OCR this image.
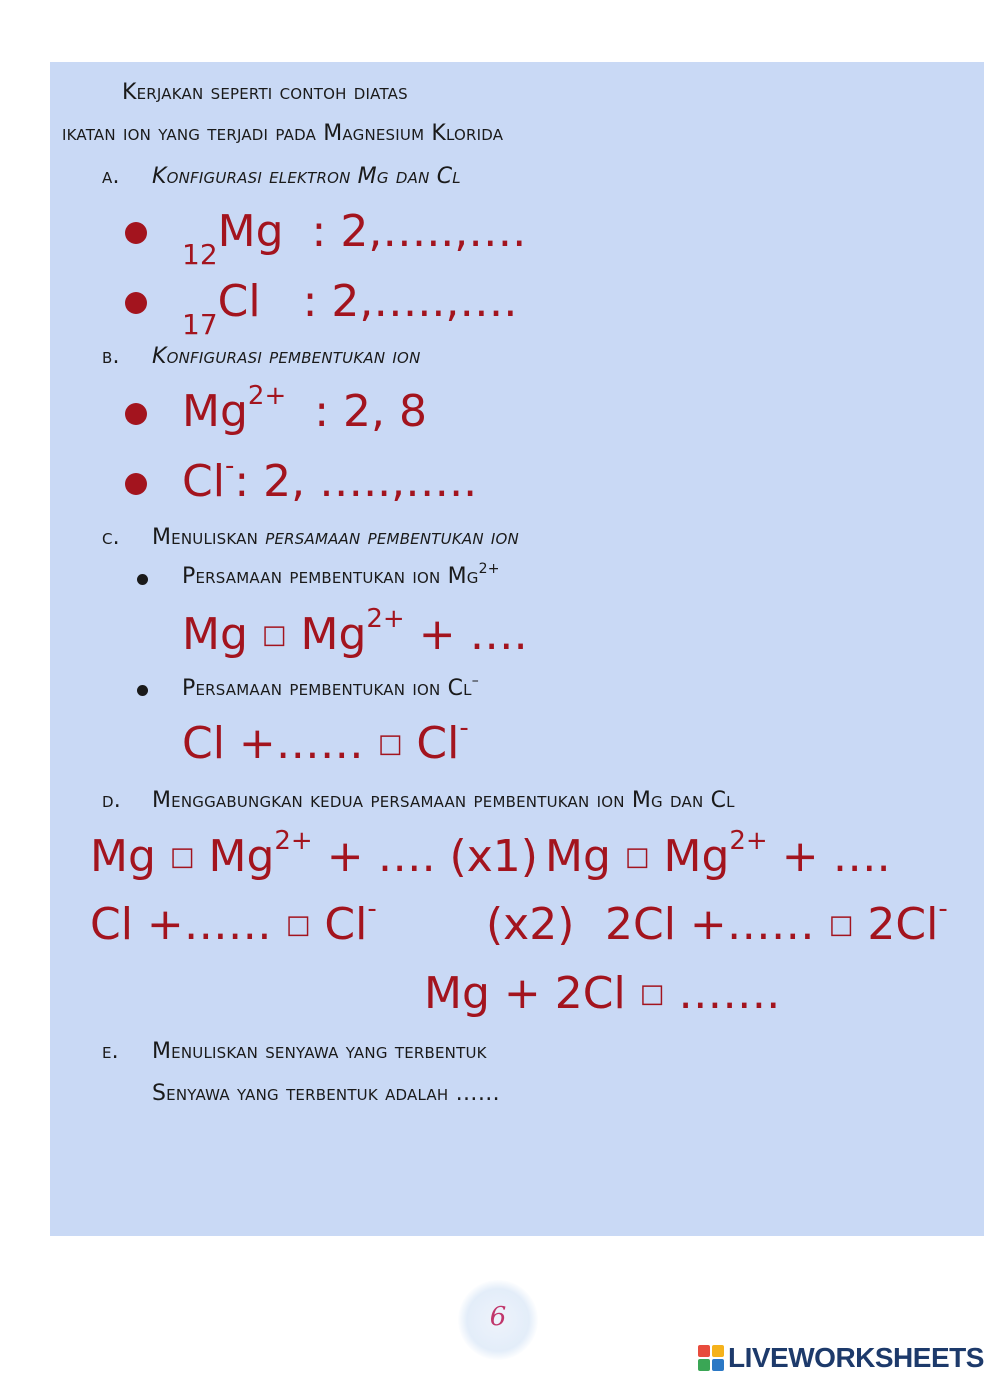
Kerjakan seperti contoh diatas
ikatan ion yang terjadi pada Magnesium Klorida
a. Konfigurasi elektron Mg dan Cl
$_{12}$Mg : 2,…..,….
$_{17}$Cl : 2,…..,….
b. Konfigurasi pembentukan ion
$Mg^{2+}$ : 2, 8
Cl-: 2, …..,…..
c. Menuliskan persamaan pembentukan ion
Persamaan pembentukan ion $Mg^{2+}$
Mg □ $Mg^{2+}$ + ….
Persamaan pembentukan ion Cl–
Cl +…… □ Cl-
d. Menggabungkan kedua persamaan pembentukan ion Mg dan Cl
Mg □ $Mg^{2+}$ + …. (x1) Mg □ $Mg^{2+}$ + ….
Cl +…… □ Cl- (x2) 2Cl +…… □ 2Cl-
Mg + 2Cl □ …….
e. Menuliskan senyawa yang terbentuk
Senyawa yang terbentuk adalah ……
6
LIVEWORKSHEETS
